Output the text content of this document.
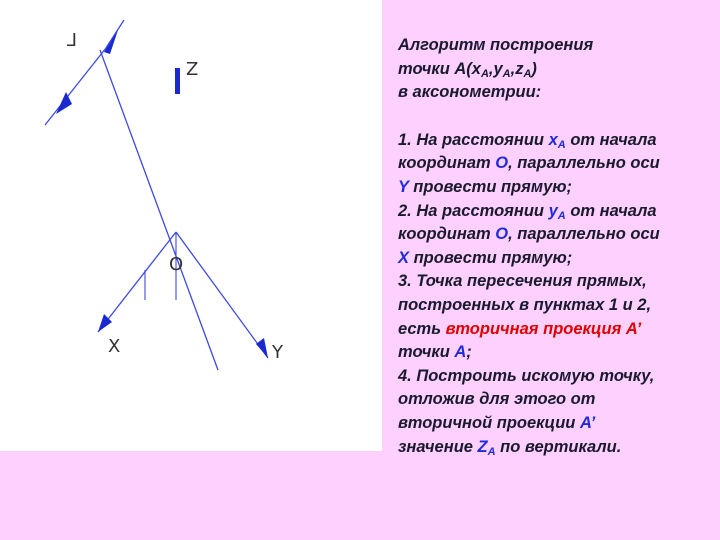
Z
X	Y
O
ᒧ	Алгоритм построения
точки $А(x_A,y_A,z_A)$
в аксонометрии:
1. На расстоянии $x_A$ от начала
координат О, параллельно оси
Y провести прямую;
2. На расстоянии $y_A$ от начала
координат О, параллельно оси
X провести прямую;
3. Точка пересечения прямых,
построенных в пунктах 1 и 2,
есть вторичная проекция А’
точки А;
4. Построить искомую точку,
отложив для этого от
вторичной проекции А’
значение $Z_A$ по вертикали.
